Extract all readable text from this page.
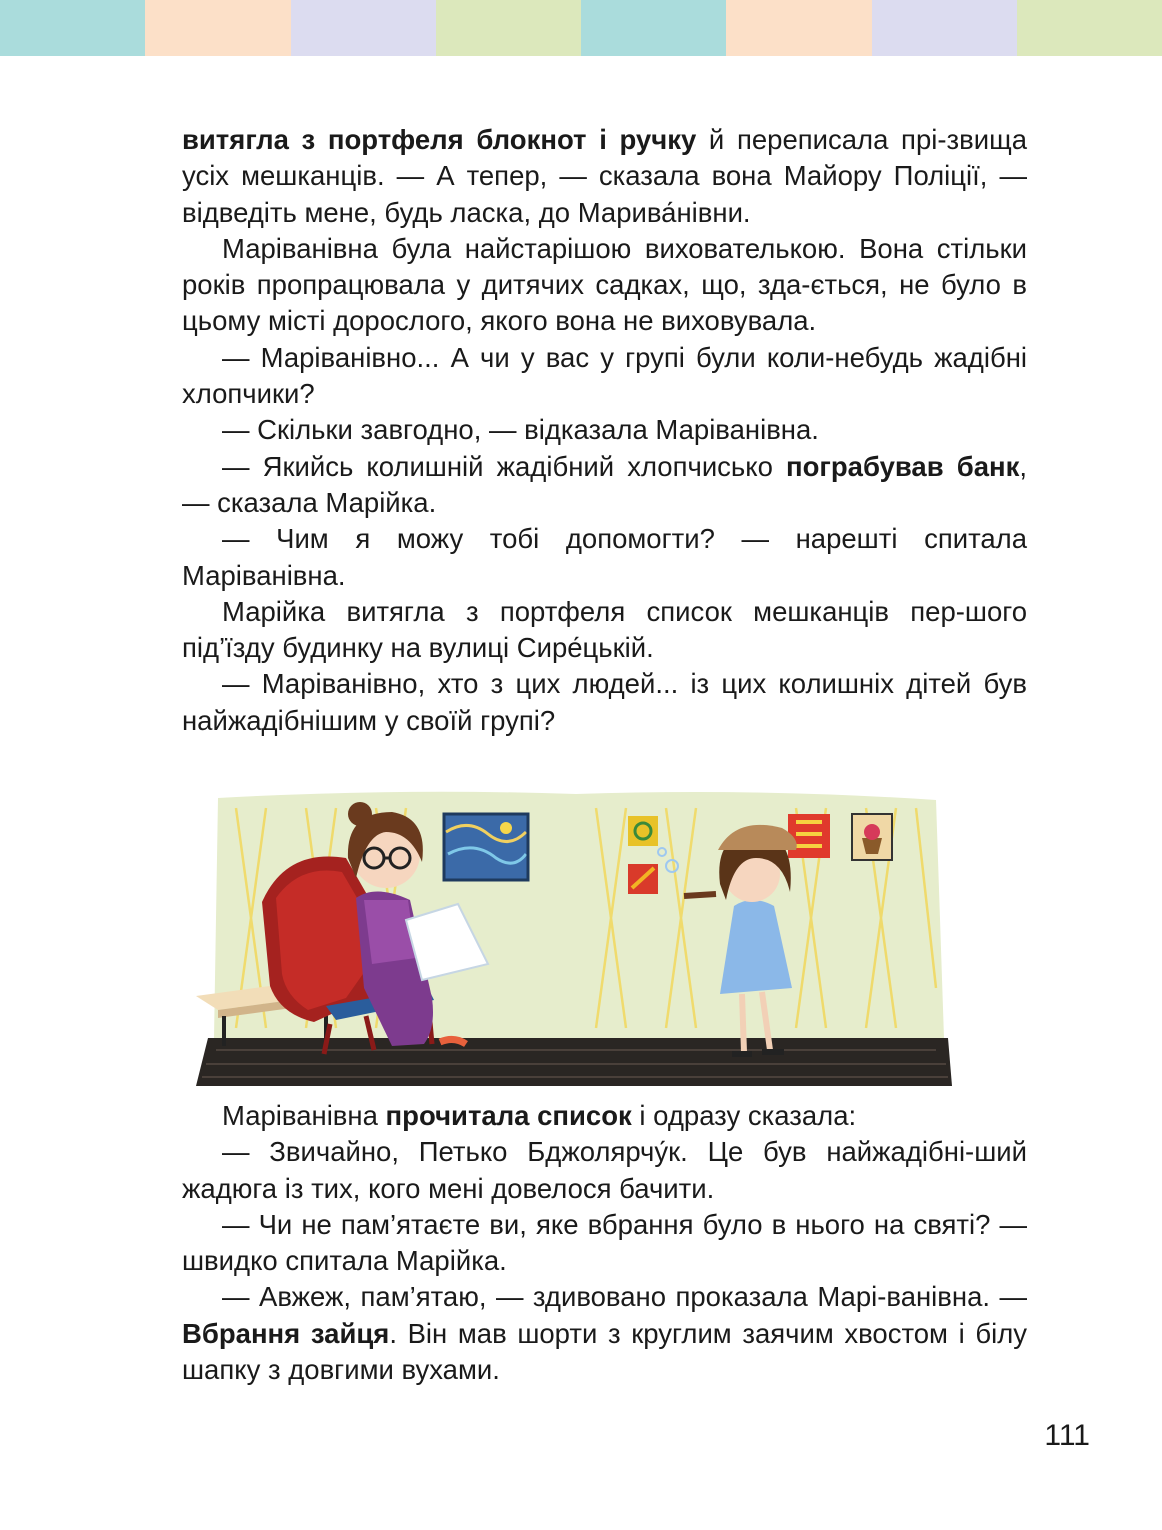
витягла з портфеля блокнот і ручку й переписала прі-звища усіх мешканців. — А тепер, — сказала вона Майору Поліції, — відведіть мене, будь ласка, до Марива́нівни.

Маріванівна була найстарішою вихователькою. Вона стільки років пропрацювала у дитячих садках, що, зда-ється, не було в цьому місті дорослого, якого вона не виховувала.

— Маріванівно... А чи у вас у групі були коли-небудь жадібні хлопчики?

— Скільки завгодно, — відказала Маріванівна.

— Якийсь колишній жадібний хлопчисько пограбував банк, — сказала Марійка.

— Чим я можу тобі допомогти? — нарешті спитала Маріванівна.

Марійка витягла з портфеля список мешканців пер-шого під’їзду будинку на вулиці Сире́цькій.

— Маріванівно, хто з цих людей... із цих колишніх дітей був найжадібнішим у своїй групі?

Маріванівна прочитала список і одразу сказала:

— Звичайно, Петько Бджолярчу́к. Це був найжадібні-ший жадюга із тих, кого мені довелося бачити.

— Чи не пам’ятаєте ви, яке вбрання було в нього на святі? — швидко спитала Марійка.

— Авжеж, пам’ятаю, — здивовано проказала Марі-ванівна. — Вбрання зайця. Він мав шорти з круглим заячим хвостом і білу шапку з довгими вухами.

111
